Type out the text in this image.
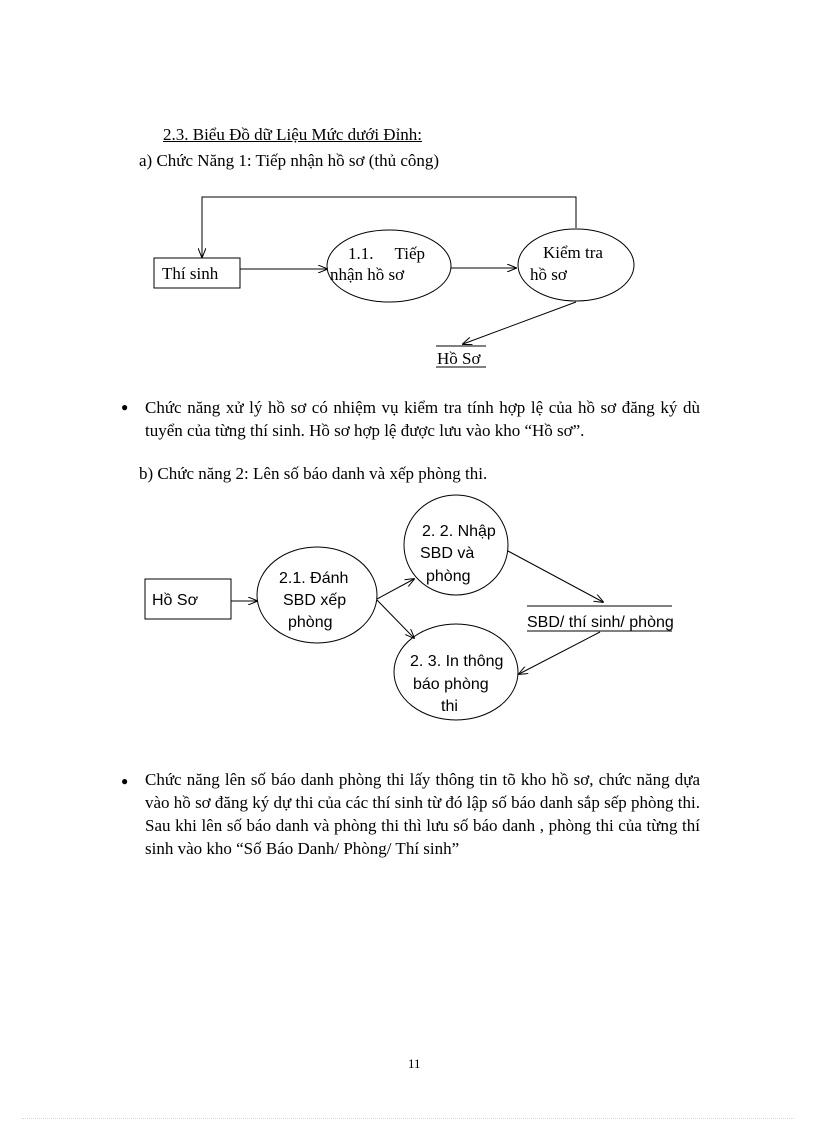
2.3. Biểu Đồ dữ Liệu Mức dưới Đỉnh:
a) Chức Năng 1: Tiếp nhận hồ sơ (thủ công)
Thí sinh
1.1.     Tiếp
nhận hồ sơ
Kiểm tra
hồ sơ
Hồ Sơ
● Chức năng xử lý hồ sơ có nhiệm vụ kiểm tra tính hợp lệ của hồ sơ đăng ký dù tuyển của từng thí sinh. Hồ sơ hợp lệ được lưu vào kho “Hồ sơ”.
b) Chức năng 2: Lên số báo danh và xếp phòng thi.
Hồ Sơ
2.1. Đánh
SBD xếp
phòng
2. 2. Nhập
SBD và
phòng
SBD/ thí sinh/ phòng
2. 3. In thông
báo phòng
thi
● Chức năng lên số báo danh phòng thi lấy thông tin tõ kho hồ sơ, chức năng dựa vào hồ sơ đăng ký dự thi của các thí sinh từ đó lập số báo danh sắp sếp phòng thi. Sau khi lên số báo danh và phòng thi thì lưu số báo danh , phòng thi của từng thí sinh vào kho “Số Báo Danh/ Phòng/ Thí sinh”
11
